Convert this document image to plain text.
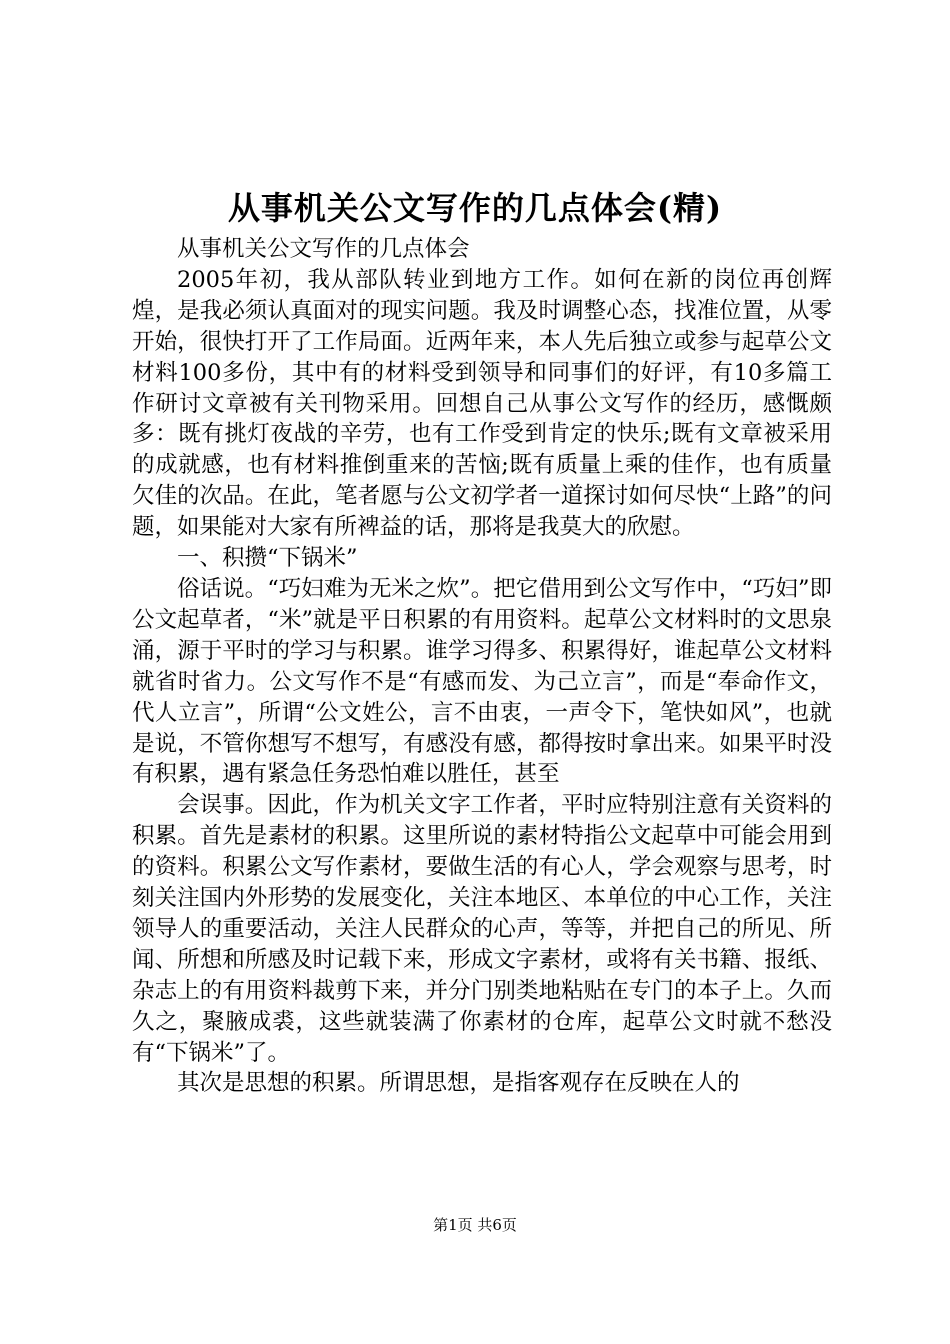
从事机关公文写作的几点体会(精)

从事机关公文写作的几点体会

2005年初，我从部队转业到地方工作。如何在新的岗位再创辉煌，是我必须认真面对的现实问题。我及时调整心态，找准位置，从零开始，很快打开了工作局面。近两年来，本人先后独立或参与起草公文材料100多份，其中有的材料受到领导和同事们的好评，有10多篇工作研讨文章被有关刊物采用。回想自己从事公文写作的经历，感慨颇多：既有挑灯夜战的辛劳，也有工作受到肯定的快乐;既有文章被采用的成就感，也有材料推倒重来的苦恼;既有质量上乘的佳作，也有质量欠佳的次品。在此，笔者愿与公文初学者一道探讨如何尽快“上路”的问题，如果能对大家有所裨益的话，那将是我莫大的欣慰。

一、积攒“下锅米”

俗话说。“巧妇难为无米之炊”。把它借用到公文写作中，“巧妇”即公文起草者，“米”就是平日积累的有用资料。起草公文材料时的文思泉涌，源于平时的学习与积累。谁学习得多、积累得好，谁起草公文材料就省时省力。公文写作不是“有感而发、为己立言”，而是“奉命作文，代人立言”，所谓“公文姓公，言不由衷，一声令下，笔快如风”，也就是说，不管你想写不想写，有感没有感，都得按时拿出来。如果平时没有积累，遇有紧急任务恐怕难以胜任，甚至

会误事。因此，作为机关文字工作者，平时应特别注意有关资料的积累。首先是素材的积累。这里所说的素材特指公文起草中可能会用到的资料。积累公文写作素材，要做生活的有心人，学会观察与思考，时刻关注国内外形势的发展变化，关注本地区、本单位的中心工作，关注领导人的重要活动，关注人民群众的心声，等等，并把自己的所见、所闻、所想和所感及时记载下来，形成文字素材，或将有关书籍、报纸、杂志上的有用资料裁剪下来，并分门别类地粘贴在专门的本子上。久而久之，聚腋成裘，这些就装满了你素材的仓库，起草公文时就不愁没有“下锅米”了。

其次是思想的积累。所谓思想，是指客观存在反映在人的

第1页 共6页
